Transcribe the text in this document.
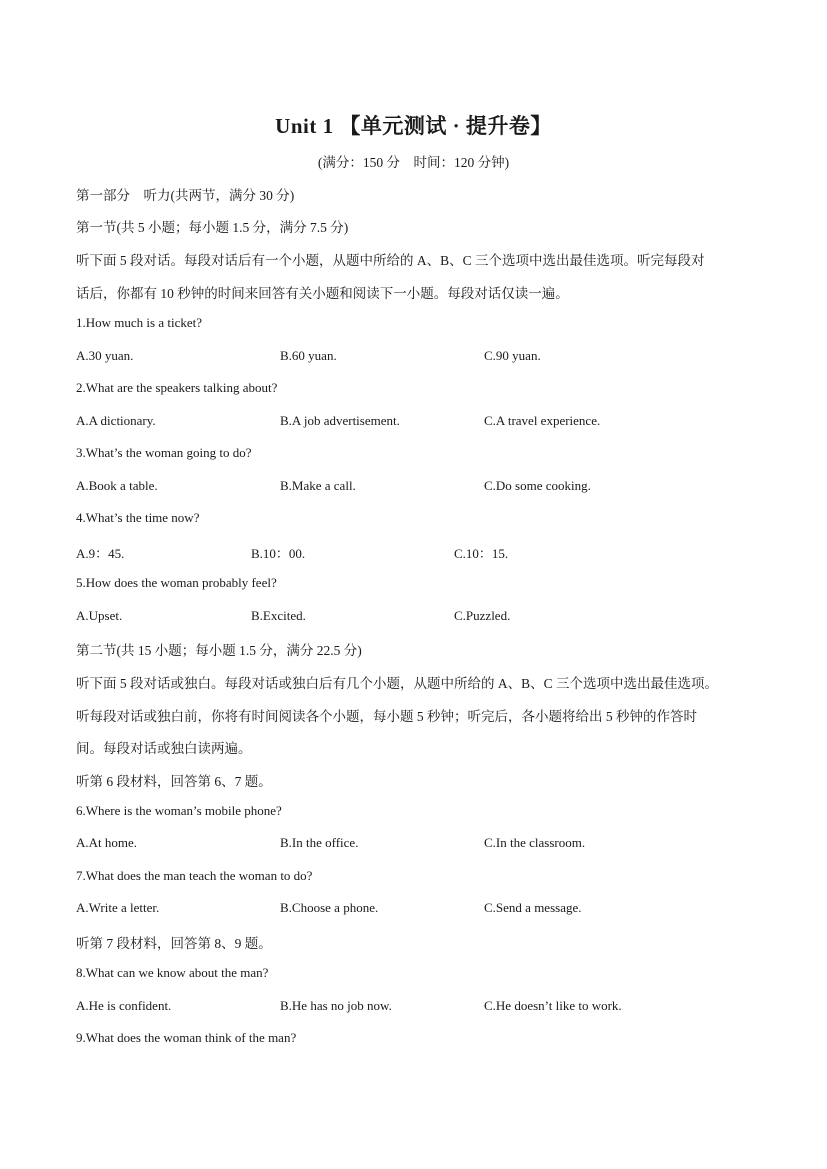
Unit 1 【单元测试 · 提升卷】
(满分：150 分　时间：120 分钟)
第一部分　听力(共两节，满分 30 分)
第一节(共 5 小题；每小题 1.5 分，满分 7.5 分)
听下面 5 段对话。每段对话后有一个小题，从题中所给的 A、B、C 三个选项中选出最佳选项。听完每段对
话后，你都有 10 秒钟的时间来回答有关小题和阅读下一小题。每段对话仅读一遍。
1.How much is a ticket?
A.30 yuan.	B.60 yuan.	C.90 yuan.
2.What are the speakers talking about?
A.A dictionary.	B.A job advertisement.	C.A travel experience.
3.What’s the woman going to do?
A.Book a table.	B.Make a call.	C.Do some cooking.
4.What’s the time now?
A.9：45.	B.10：00.	C.10：15.
5.How does the woman probably feel?
A.Upset.	B.Excited.	C.Puzzled.
第二节(共 15 小题；每小题 1.5 分，满分 22.5 分)
听下面 5 段对话或独白。每段对话或独白后有几个小题，从题中所给的 A、B、C 三个选项中选出最佳选项。
听每段对话或独白前，你将有时间阅读各个小题，每小题 5 秒钟；听完后，各小题将给出 5 秒钟的作答时
间。每段对话或独白读两遍。
听第 6 段材料，回答第 6、7 题。
6.Where is the woman’s mobile phone?
A.At home.	B.In the office.	C.In the classroom.
7.What does the man teach the woman to do?
A.Write a letter.	B.Choose a phone.	C.Send a message.
听第 7 段材料，回答第 8、9 题。
8.What can we know about the man?
A.He is confident.	B.He has no job now.	C.He doesn’t like to work.
9.What does the woman think of the man?
